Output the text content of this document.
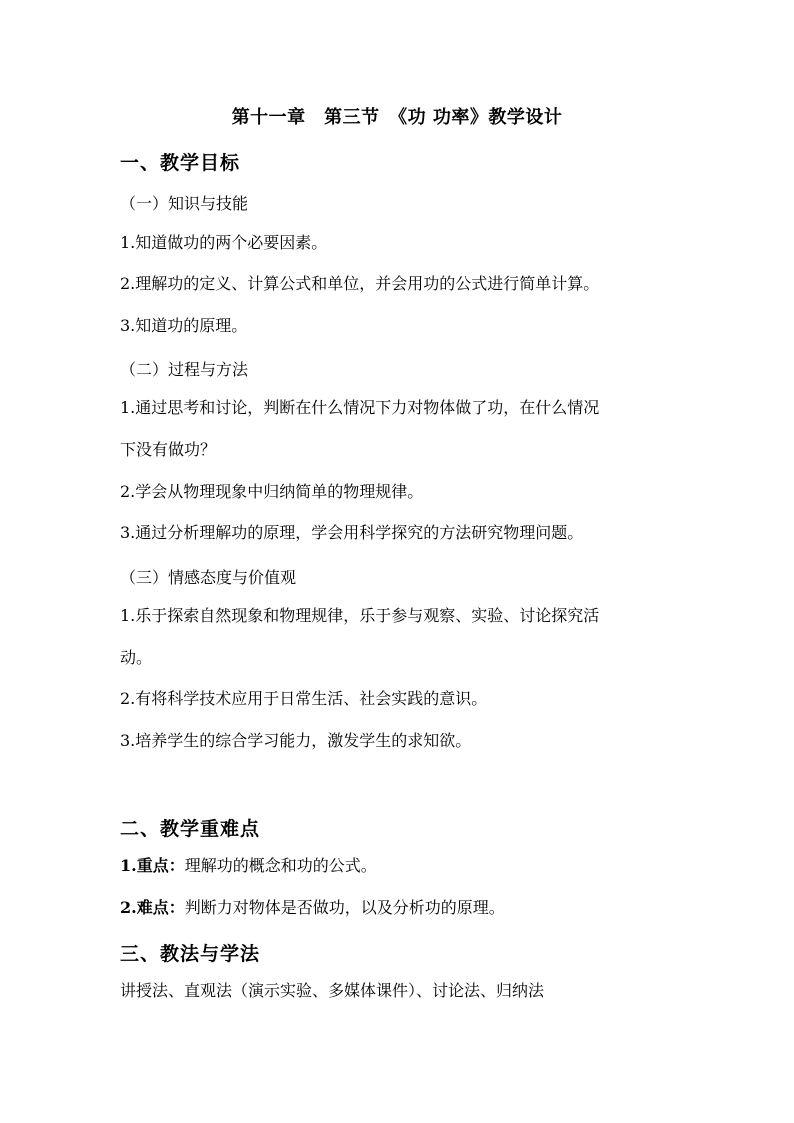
第十一章　第三节　《功 功率》教学设计
一、教学目标
（一）知识与技能
1.知道做功的两个必要因素。
2.理解功的定义、计算公式和单位，并会用功的公式进行简单计算。
3.知道功的原理。
（二）过程与方法
1.通过思考和讨论，判断在什么情况下力对物体做了功，在什么情况
下没有做功？
2.学会从物理现象中归纳简单的物理规律。
3.通过分析理解功的原理，学会用科学探究的方法研究物理问题。
（三）情感态度与价值观
1.乐于探索自然现象和物理规律，乐于参与观察、实验、讨论探究活
动。
2.有将科学技术应用于日常生活、社会实践的意识。
3.培养学生的综合学习能力，激发学生的求知欲。
二、教学重难点
1.重点：理解功的概念和功的公式。
2.难点：判断力对物体是否做功，以及分析功的原理。
三、教法与学法
讲授法、直观法（演示实验、多媒体课件）、讨论法、归纳法
